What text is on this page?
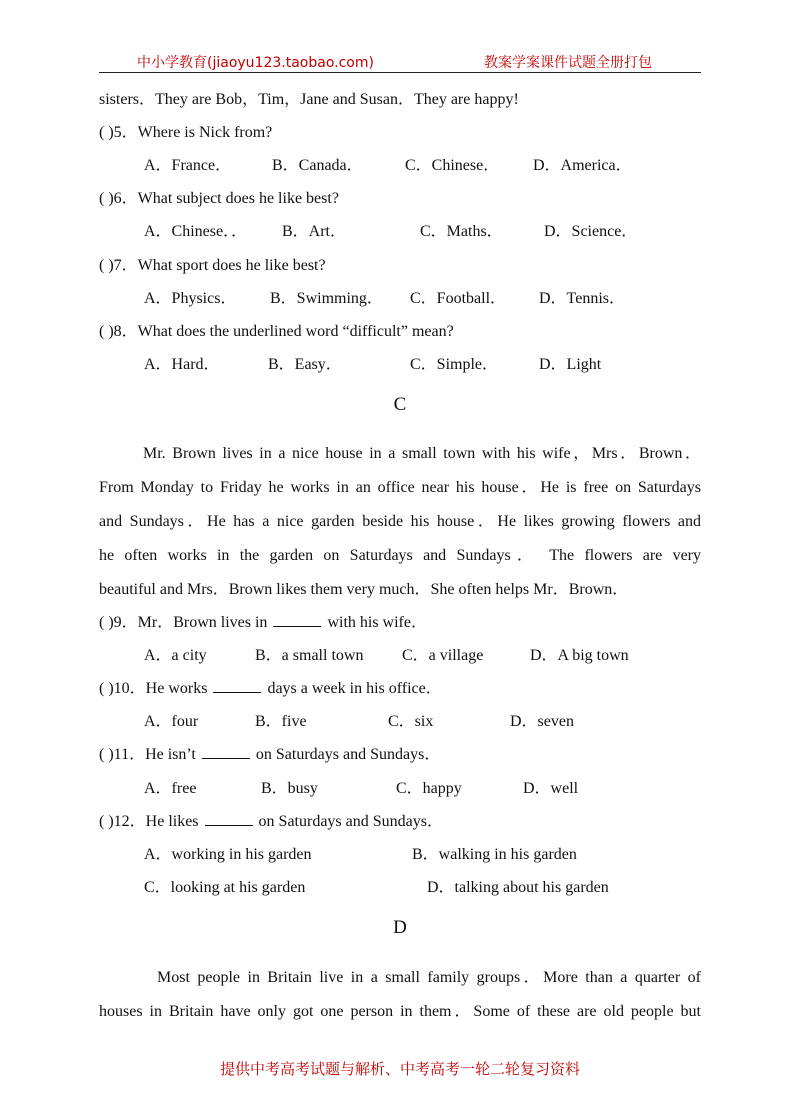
中小学教育(jiaoyu123.taobao.com)	教案学案课件试题全册打包
sisters．They are Bob，Tim，Jane and Susan．They are happy!
( )5．Where is Nick from?
A．France．	B．Canada．	C．Chinese． D．America．
( )6．What subject does he like best?
A．Chinese．． B．Art．	C．Maths．	D．Science．
( )7．What sport does he like best?
A．Physics． B．Swimming． C．Football． D．Tennis．
( )8．What does the underlined word “difficult” mean?
A．Hard．	B．Easy．	C．Simple．	D．Light
C
Mr. Brown lives in a nice house in a small town with his wife，Mrs．Brown．
From Monday to Friday he works in an office near his house．He is free on Saturdays
and Sundays．He has a nice garden beside his house．He likes growing flowers and
he often works in the garden on Saturdays and Sundays． The flowers are very
beautiful and Mrs．Brown likes them very much．She often helps Mr．Brown．
( )9．Mr．Brown lives in	with his wife．
A．a city	B．a small town C．a village	D．A big town
( )10．He works	days a week in his office．
A．four	B．five	C．six	D．seven
( )11．He isn’t	on Saturdays and Sundays．
A．free	B．busy	C．happy	D．well
( )12．He likes	on Saturdays and Sundays．
A．working in his garden	B．walking in his garden
C．looking at his garden	D．talking about his garden
D
Most people in Britain live in a small family groups．More than a quarter of
houses in Britain have only got one person in them．Some of these are old people but
提供中考高考试题与解析、中考高考一轮二轮复习资料
